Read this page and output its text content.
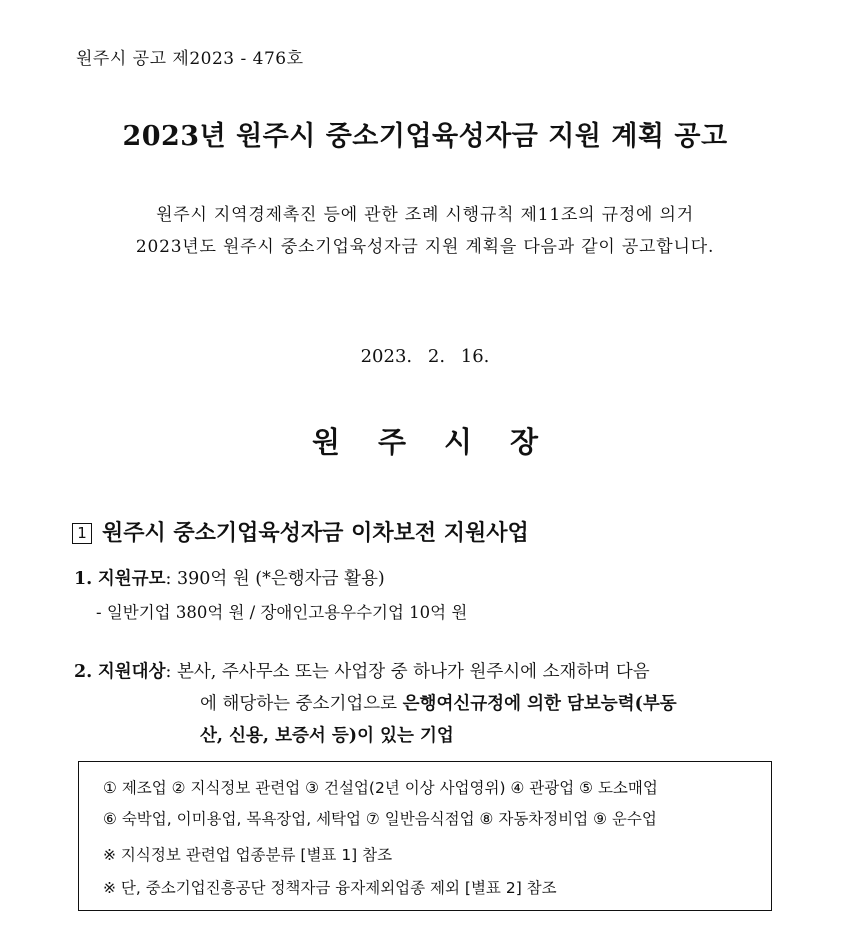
원주시 공고 제2023 - 476호
2023년 원주시 중소기업육성자금 지원 계획 공고
원주시 지역경제촉진 등에 관한 조례 시행규칙 제11조의 규정에 의거
2023년도 원주시 중소기업육성자금 지원 계획을 다음과 같이 공고합니다.
2023. 2. 16.
원 주 시 장
1 원주시 중소기업육성자금 이차보전 지원사업
1. 지원규모: 390억 원 (*은행자금 활용)
- 일반기업 380억 원 / 장애인고용우수기업 10억 원
2. 지원대상: 본사, 주사무소 또는 사업장 중 하나가 원주시에 소재하며 다음
에 해당하는 중소기업으로 은행여신규정에 의한 담보능력(부동
산, 신용, 보증서 등)이 있는 기업
① 제조업 ② 지식정보 관련업 ③ 건설업(2년 이상 사업영위) ④ 관광업 ⑤ 도소매업
⑥ 숙박업, 이미용업, 목욕장업, 세탁업 ⑦ 일반음식점업 ⑧ 자동차정비업 ⑨ 운수업
※ 지식정보 관련업 업종분류 [별표 1] 참조
※ 단, 중소기업진흥공단 정책자금 융자제외업종 제외 [별표 2] 참조
